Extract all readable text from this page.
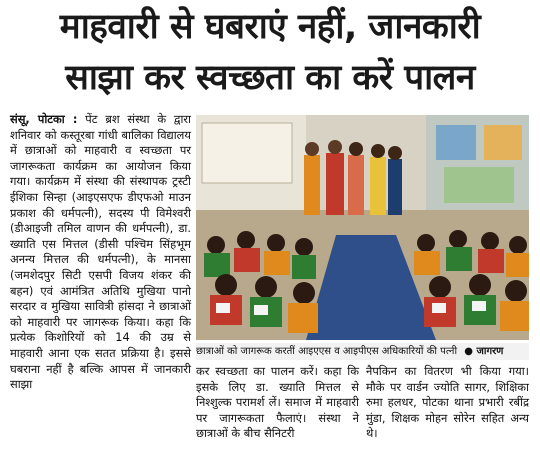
माहवारी से घबराएं नहीं, जानकारी
साझा कर स्वच्छता का करें पालन

संसू, पोटका : पेंट ब्रश संस्था के द्वारा शनिवार को कस्तूरबा गांधी बालिका विद्यालय में छात्राओं को माहवारी व स्वच्छता पर जागरूकता कार्यक्रम का आयोजन किया गया। कार्यक्रम में संस्था की संस्थापक ट्रस्टी ईशिका सिन्हा (आइएसएफ डीएफओ माउन प्रकाश की धर्मपत्नी), सदस्य पी विमेश्वरी (डीआइजी तमिल वाणन की धर्मपत्नी), डा. ख्याति एस मित्तल (डीसी पश्चिम सिंहभूम अनन्य मित्तल की धर्मपत्नी), के मानसा (जमशेदपुर सिटी एसपी विजय शंकर की बहन) एवं आमंत्रित अतिथि मुखिया पानो सरदार व मुखिया सावित्री हांसदा ने छात्राओं को माहवारी पर जागरूक किया। कहा कि प्रत्येक किशोरियों को 14 की उम्र से माहवारी आना एक सतत प्रक्रिया है। इससे घबराना नहीं है बल्कि आपस में जानकारी साझा

छात्राओं को जागरूक करतीं आइएएस व आइपीएस अधिकारियों की पत्नी ● जागरण

कर स्वच्छता का पालन करें। कहा कि इसके लिए डा. ख्याति मित्तल से निश्शुल्क परामर्श लें। समाज में माहवारी पर जागरूकता फैलाएं। संस्था ने छात्राओं के बीच सैनिटरी

नैपकिन का वितरण भी किया गया। मौके पर वार्डन ज्योति सागर, शिक्षिका रुमा हलधर, पोटका थाना प्रभारी रबींद्र मुंडा, शिक्षक मोहन सोरेन सहित अन्य थे।
